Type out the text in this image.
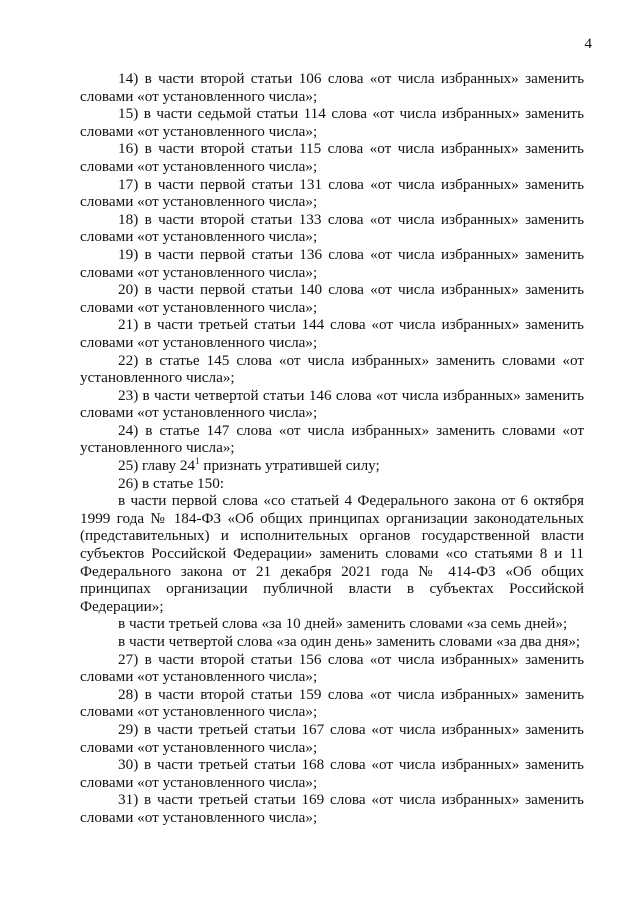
4

14) в части второй статьи 106 слова «от числа избранных» заменить словами «от установленного числа»;

15) в части седьмой статьи 114 слова «от числа избранных» заменить словами «от установленного числа»;

16) в части второй статьи 115 слова «от числа избранных» заменить словами «от установленного числа»;

17) в части первой статьи 131 слова «от числа избранных» заменить словами «от установленного числа»;

18) в части второй статьи 133 слова «от числа избранных» заменить словами «от установленного числа»;

19) в части первой статьи 136 слова «от числа избранных» заменить словами «от установленного числа»;

20) в части первой статьи 140 слова «от числа избранных» заменить словами «от установленного числа»;

21) в части третьей статьи 144 слова «от числа избранных» заменить словами «от установленного числа»;

22) в статье 145 слова «от числа избранных» заменить словами «от установленного числа»;

23) в части четвертой статьи 146 слова «от числа избранных» заменить словами «от установленного числа»;

24) в статье 147 слова «от числа избранных» заменить словами «от установленного числа»;

25) главу $24^1$ признать утратившей силу;

26) в статье 150:

в части первой слова «со статьей 4 Федерального закона от 6 октября 1999 года № 184-ФЗ «Об общих принципах организации законодательных (представительных) и исполнительных органов государственной власти субъектов Российской Федерации» заменить словами «со статьями 8 и 11 Федерального закона от 21 декабря 2021 года № 414-ФЗ «Об общих принципах организации публичной власти в субъектах Российской Федерации»;

в части третьей слова «за 10 дней» заменить словами «за семь дней»;

в части четвертой слова «за один день» заменить словами «за два дня»;

27) в части второй статьи 156 слова «от числа избранных» заменить словами «от установленного числа»;

28) в части второй статьи 159 слова «от числа избранных» заменить словами «от установленного числа»;

29) в части третьей статьи 167 слова «от числа избранных» заменить словами «от установленного числа»;

30) в части третьей статьи 168 слова «от числа избранных» заменить словами «от установленного числа»;

31) в части третьей статьи 169 слова «от числа избранных» заменить словами «от установленного числа»;
